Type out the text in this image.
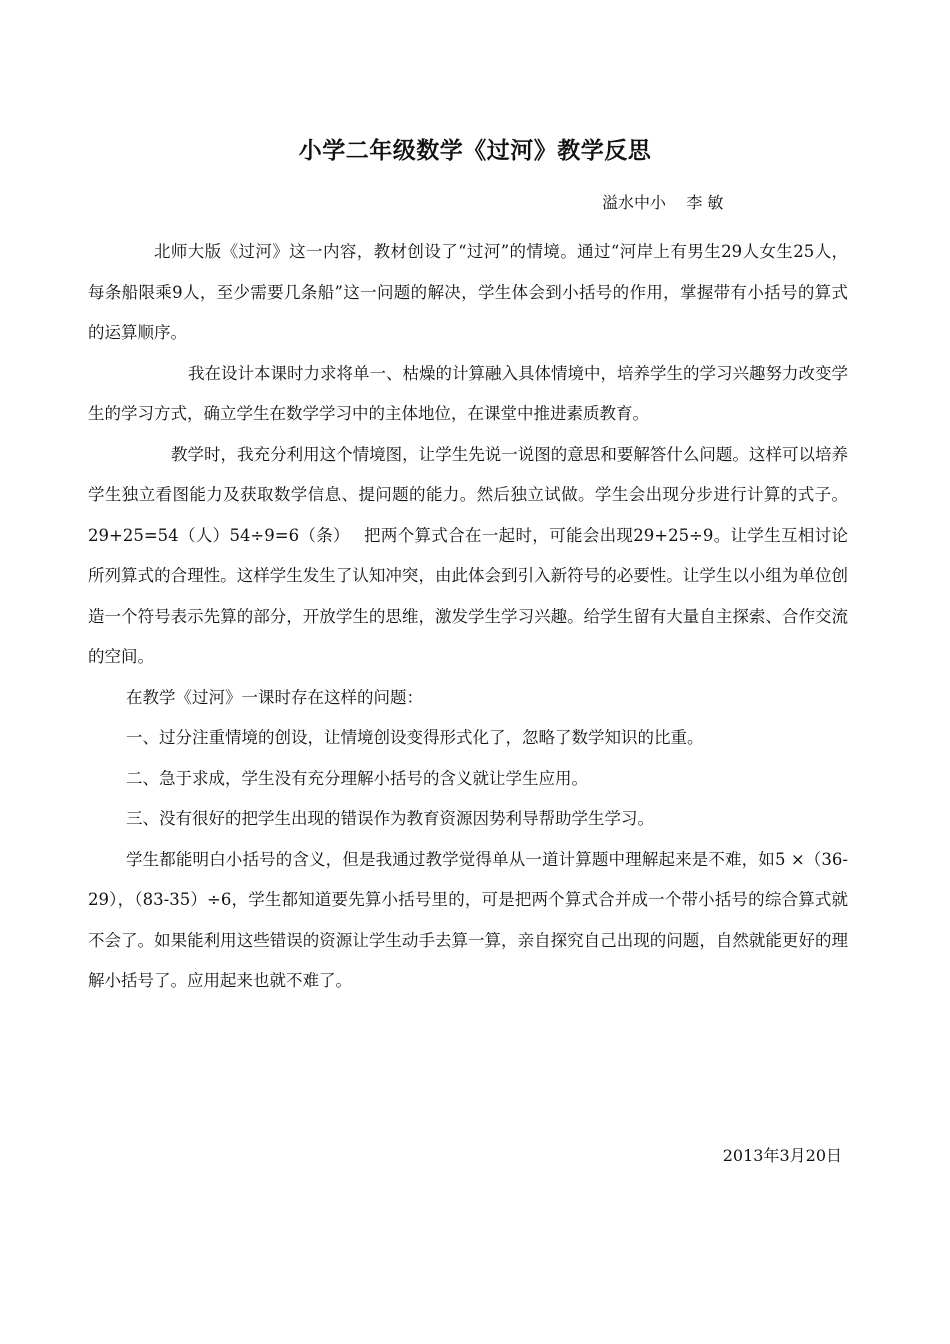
小学二年级数学《过河》教学反思
溢水中小    李 敏

北师大版《过河》这一内容，教材创设了“过河”的情境。通过“河岸上有男生29人女生25人，每条船限乘9人，至少需要几条船”这一问题的解决，学生体会到小括号的作用，掌握带有小括号的算式的运算顺序。

我在设计本课时力求将单一、枯燥的计算融入具体情境中，培养学生的学习兴趣努力改变学生的学习方式，确立学生在数学学习中的主体地位，在课堂中推进素质教育。

教学时，我充分利用这个情境图，让学生先说一说图的意思和要解答什么问题。这样可以培养学生独立看图能力及获取数学信息、提问题的能力。然后独立试做。学生会出现分步进行计算的式子。29+25=54（人）54÷9=6（条）　 把两个算式合在一起时，可能会出现29+25÷9。让学生互相讨论所列算式的合理性。这样学生发生了认知冲突，由此体会到引入新符号的必要性。让学生以小组为单位创造一个符号表示先算的部分，开放学生的思维，激发学生学习兴趣。给学生留有大量自主探索、合作交流的空间。

在教学《过河》一课时存在这样的问题：

一、过分注重情境的创设，让情境创设变得形式化了，忽略了数学知识的比重。

二、急于求成，学生没有充分理解小括号的含义就让学生应用。

三、没有很好的把学生出现的错误作为教育资源因势利导帮助学生学习。

学生都能明白小括号的含义，但是我通过教学觉得单从一道计算题中理解起来是不难，如5 ×（36-29），（83-35）÷6，学生都知道要先算小括号里的，可是把两个算式合并成一个带小括号的综合算式就不会了。如果能利用这些错误的资源让学生动手去算一算，亲自探究自己出现的问题，自然就能更好的理解小括号了。应用起来也就不难了。

2013年3月20日
